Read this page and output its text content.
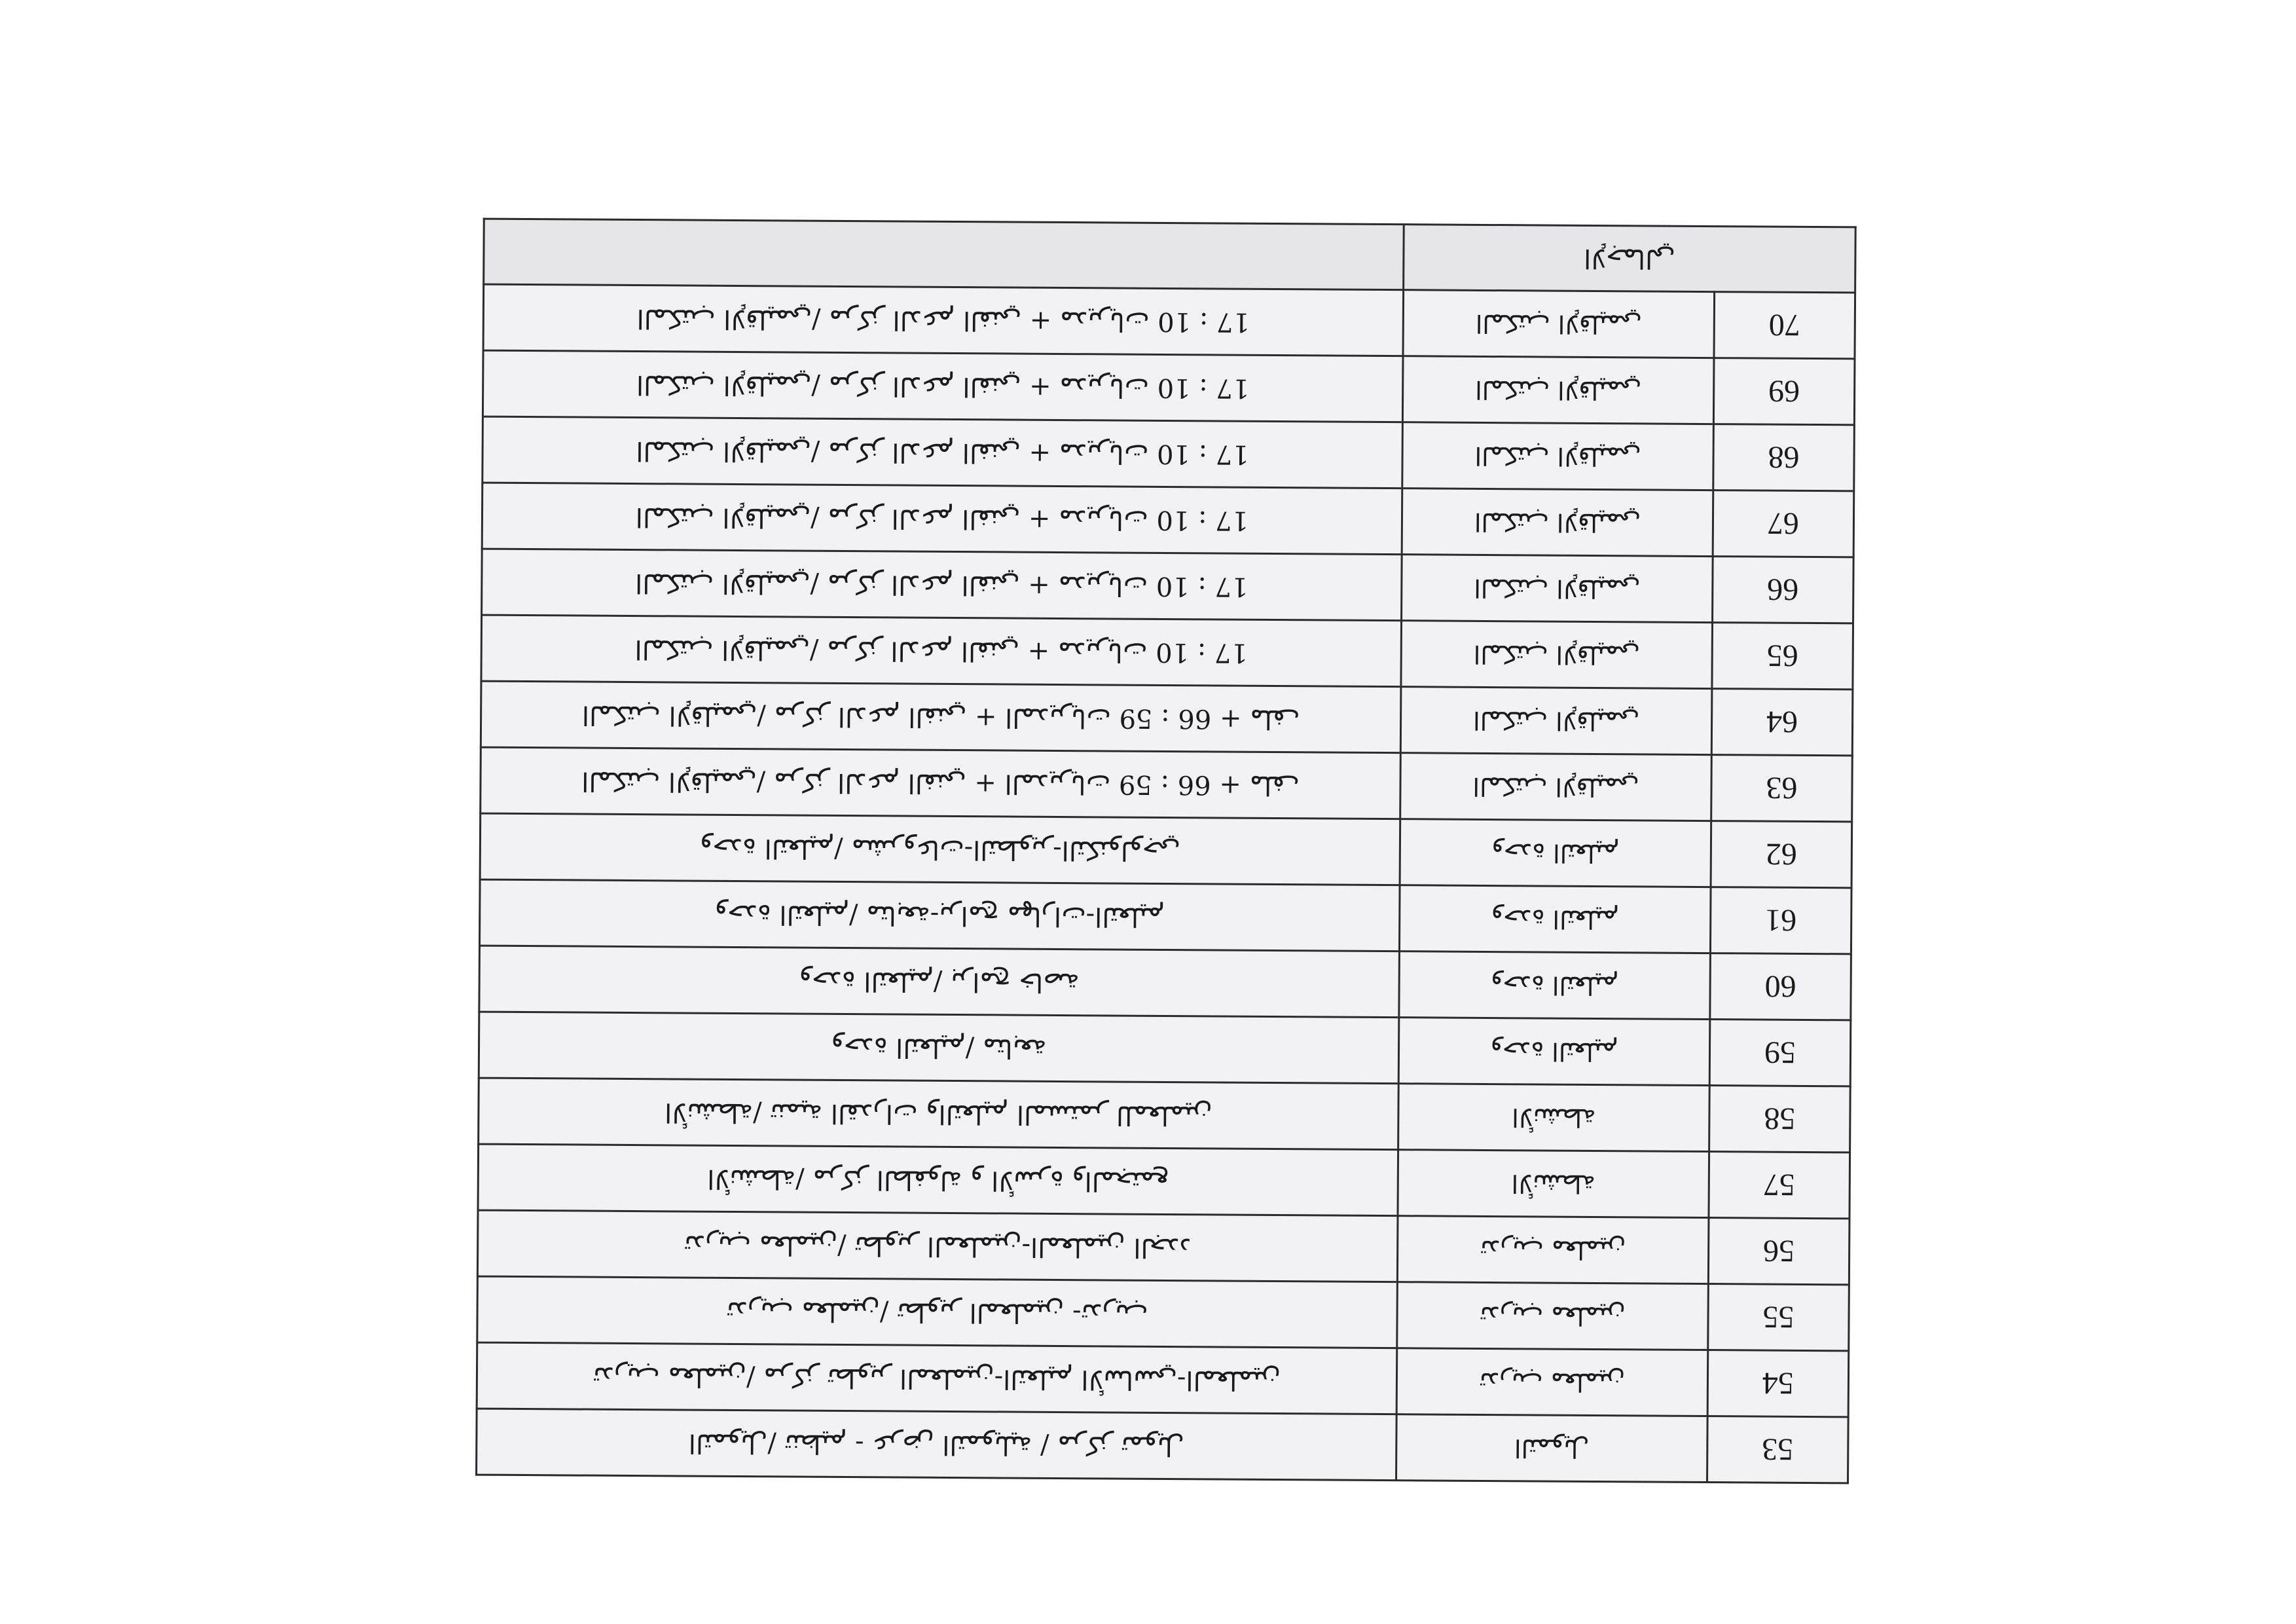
53	التمويل	التمويل/ تنظيم - عرض التمويلية / مركز تمويل
54	تدريب معلمين	تدريب معلمين/ مركز تطوير المعلمين-التعليم الأساسي-المعلمين
55	تدريب معلمين	تدريب معلمين/ تطوير المعلمين -تدريب
56	تدريب معلمين	تدريب معلمين/ تطوير المعلمين-المعلمين الجدد
57	الأنشطة	الأنشطة/ مركز الطفولة و الأسرة والمجتمع
58	الأنشطة	الأنشطة/ تنمية القدرات والتعليم المستمر للمعلمين
59	وحدة التعليم	وحدة التعليم/ متابعة
60	وحدة التعليم	وحدة التعليم/ برامج خاصة
61	وحدة التعليم	وحدة التعليم/ متابعة-برامج مهارات-التعليم
62	وحدة التعليم	وحدة التعليم/ مشروعات-التطوير-التكنولوجي
63	المكتب الإقليمي	المكتب الإقليمي/ مركز الدعم الفني + المديريات 59 : 66 + ملف
64	المكتب الإقليمي	المكتب الإقليمي/ مركز الدعم الفني + المديريات 59 : 66 + ملف
65	المكتب الإقليمي	المكتب الإقليمي/ مركز الدعم الفني + مديريات 10 : 17
66	المكتب الإقليمي	المكتب الإقليمي/ مركز الدعم الفني + مديريات 10 : 17
67	المكتب الإقليمي	المكتب الإقليمي/ مركز الدعم الفني + مديريات 10 : 17
68	المكتب الإقليمي	المكتب الإقليمي/ مركز الدعم الفني + مديريات 10 : 17
69	المكتب الإقليمي	المكتب الإقليمي/ مركز الدعم الفني + مديريات 10 : 17
70	المكتب الإقليمي	المكتب الإقليمي/ مركز الدعم الفني + مديريات 10 : 17
الإجمالي		
